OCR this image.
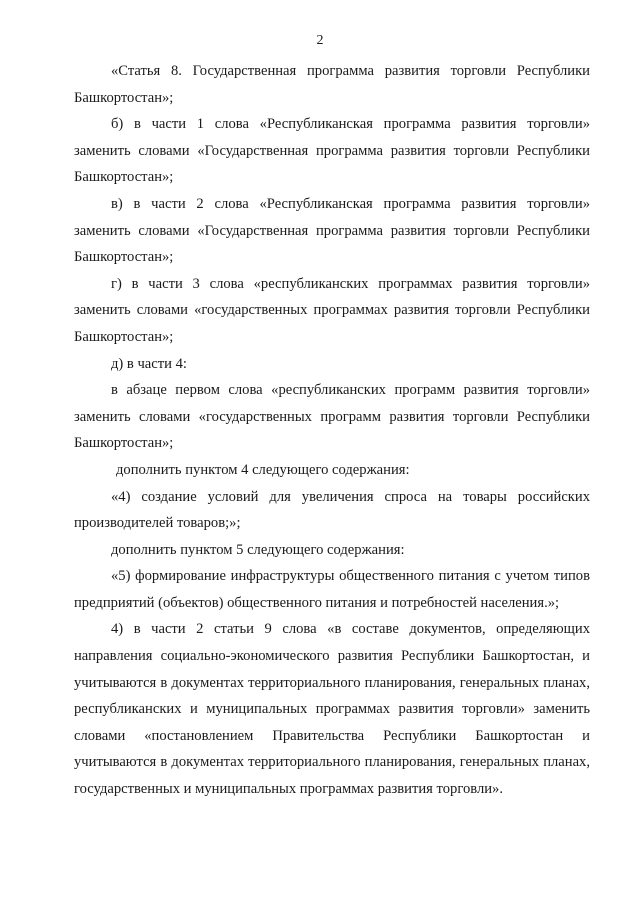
2

«Статья 8. Государственная программа развития торговли Республики Башкортостан»;

б) в части 1 слова «Республиканская программа развития торговли» заменить словами «Государственная программа развития торговли Республики Башкортостан»;

в) в части 2 слова «Республиканская программа развития торговли» заменить словами «Государственная программа развития торговли Республики Башкортостан»;

г) в части 3 слова «республиканских программах развития торговли» заменить словами «государственных программах развития торговли Республики Башкортостан»;

д) в части 4:

в абзаце первом слова «республиканских программ развития торговли» заменить словами «государственных программ развития торговли Республики Башкортостан»;

дополнить пунктом 4 следующего содержания:

«4) создание условий для увеличения спроса на товары российских производителей товаров;»;

дополнить пунктом 5 следующего содержания:

«5) формирование инфраструктуры общественного питания с учетом типов предприятий (объектов) общественного питания и потребностей населения.»;

4) в части 2 статьи 9 слова «в составе документов, определяющих направления социально-экономического развития Республики Башкортостан, и учитываются в документах территориального планирования, генеральных планах, республиканских и муниципальных программах развития торговли» заменить словами «постановлением Правительства Республики Башкортостан и учитываются в документах территориального планирования, генеральных планах, государственных и муниципальных программах развития торговли».
